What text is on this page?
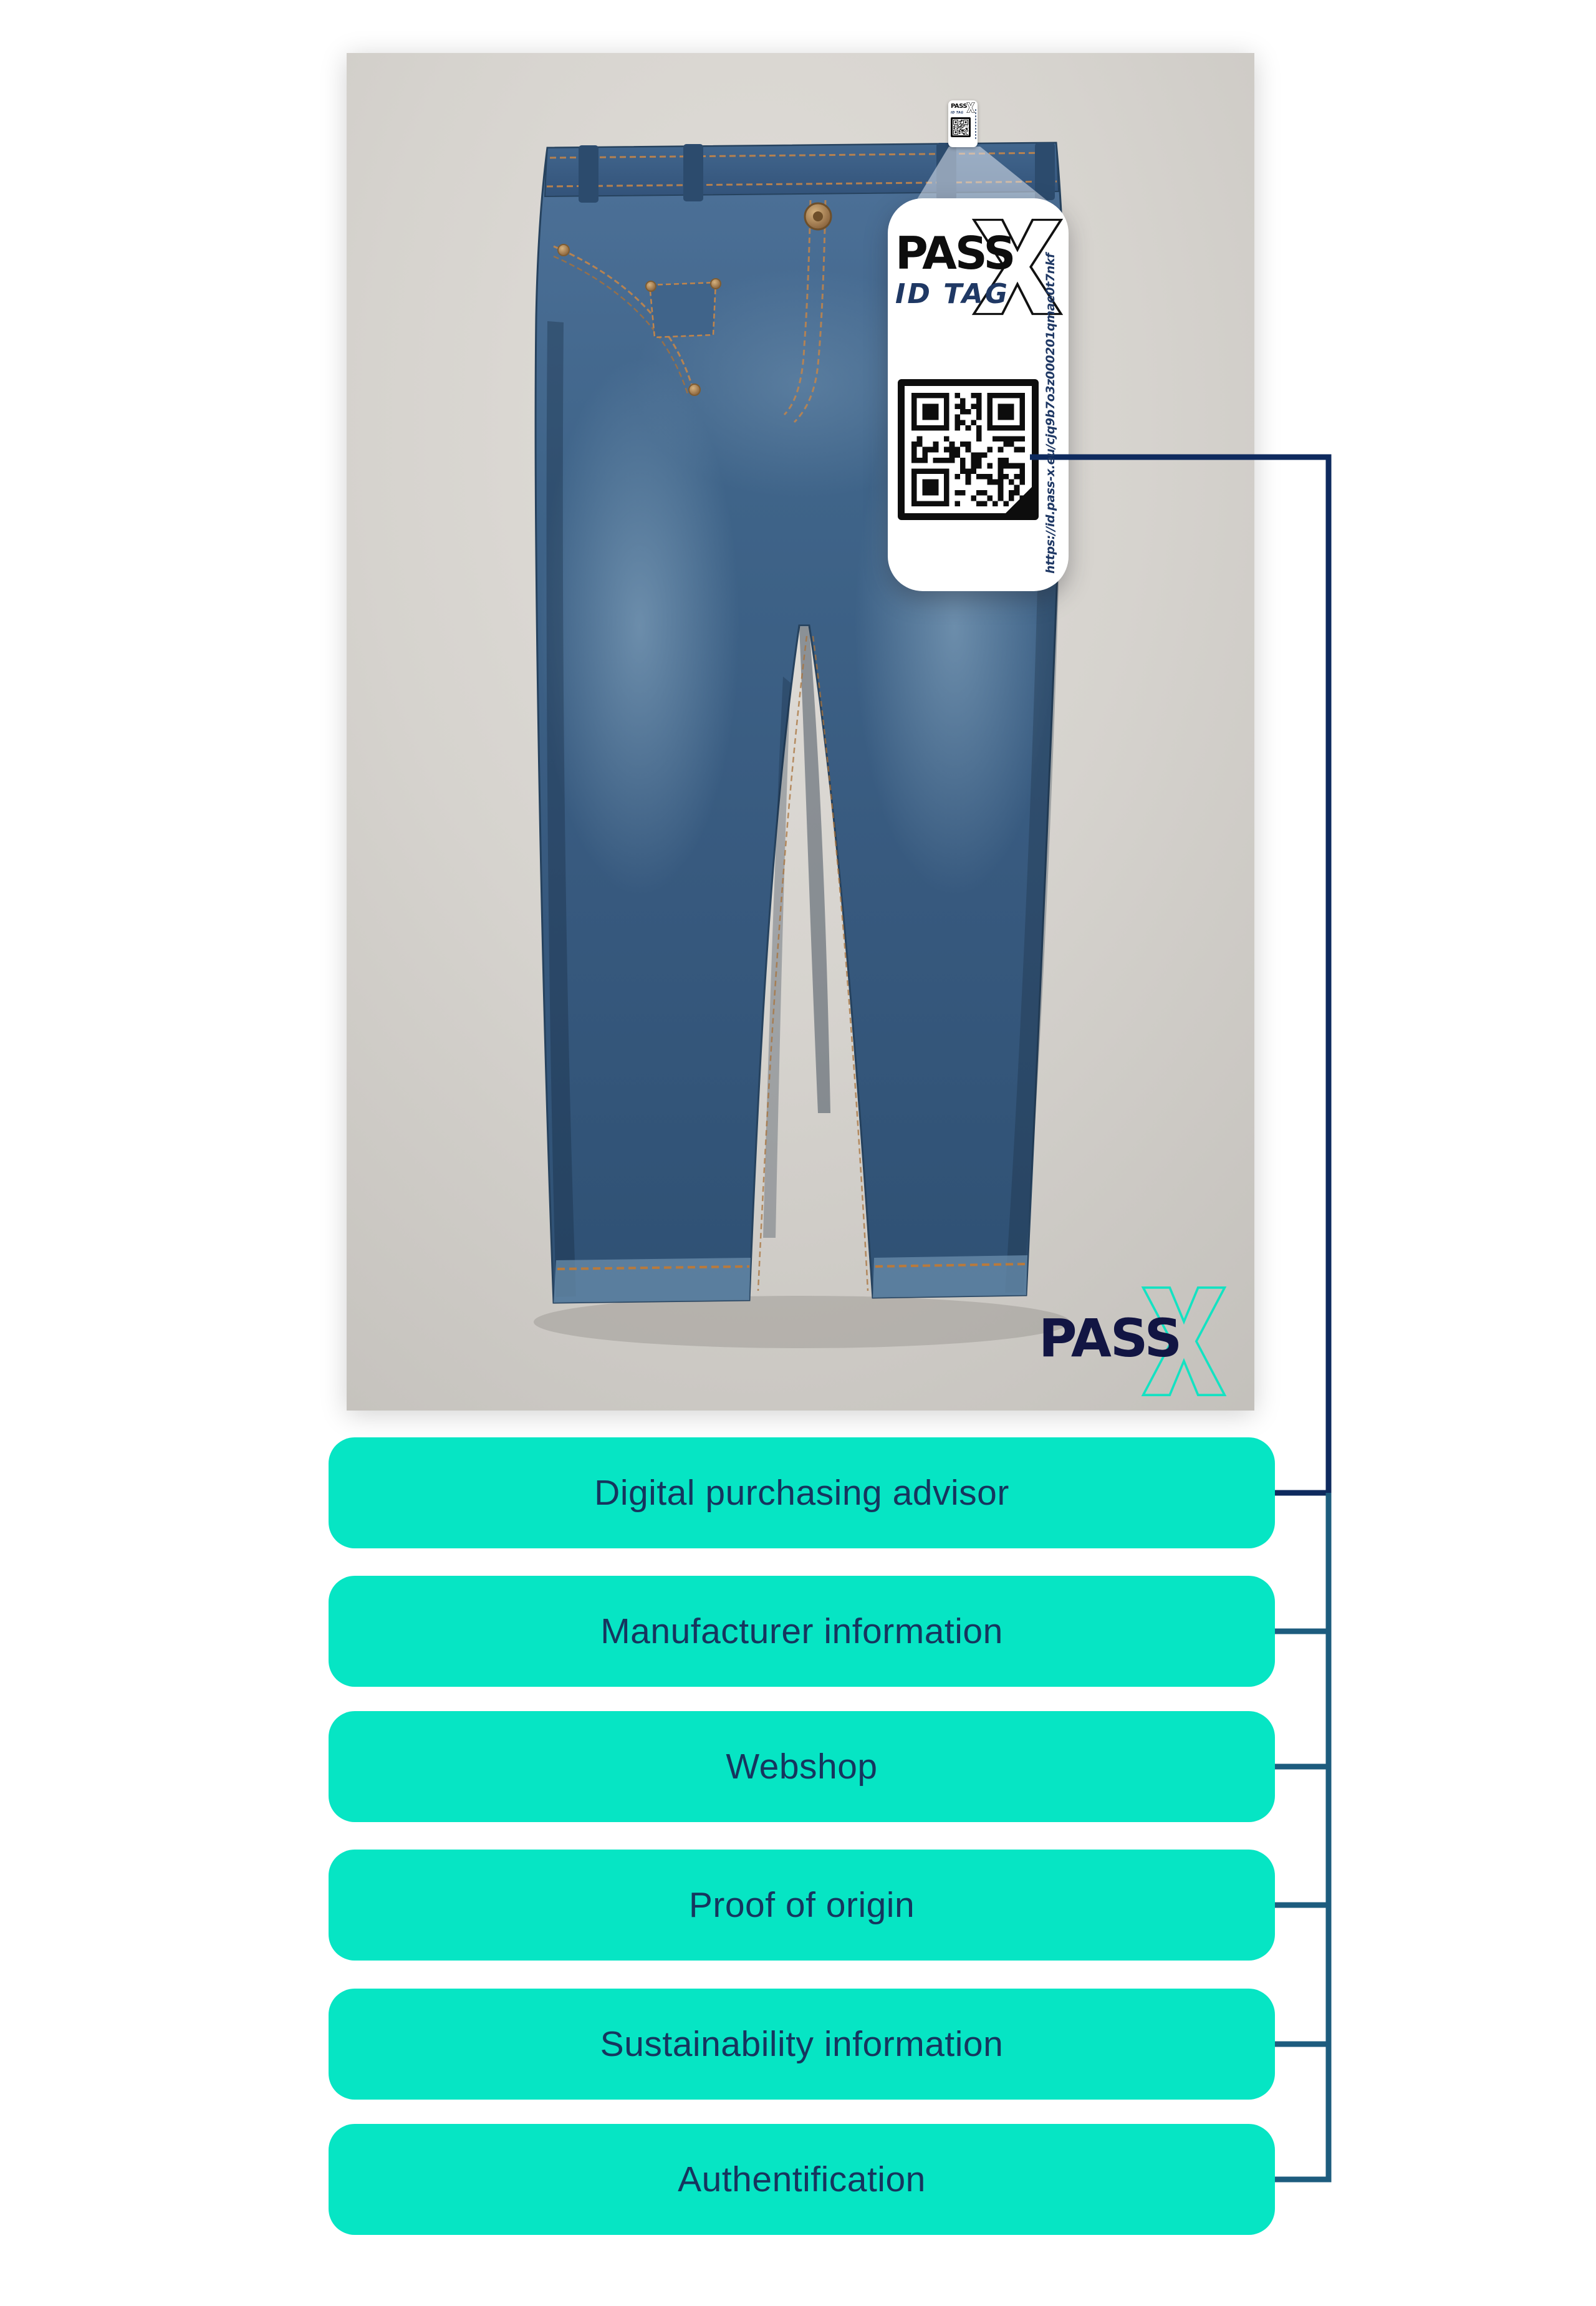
PASS
ID TAG
PASS
ID TAG	https://id.pass-x.eu/cjq9b7o3z000201qmae0t7nkf
PASS
Digital purchasing advisor
Manufacturer information
Webshop
Proof of origin
Sustainability information
Authentification
